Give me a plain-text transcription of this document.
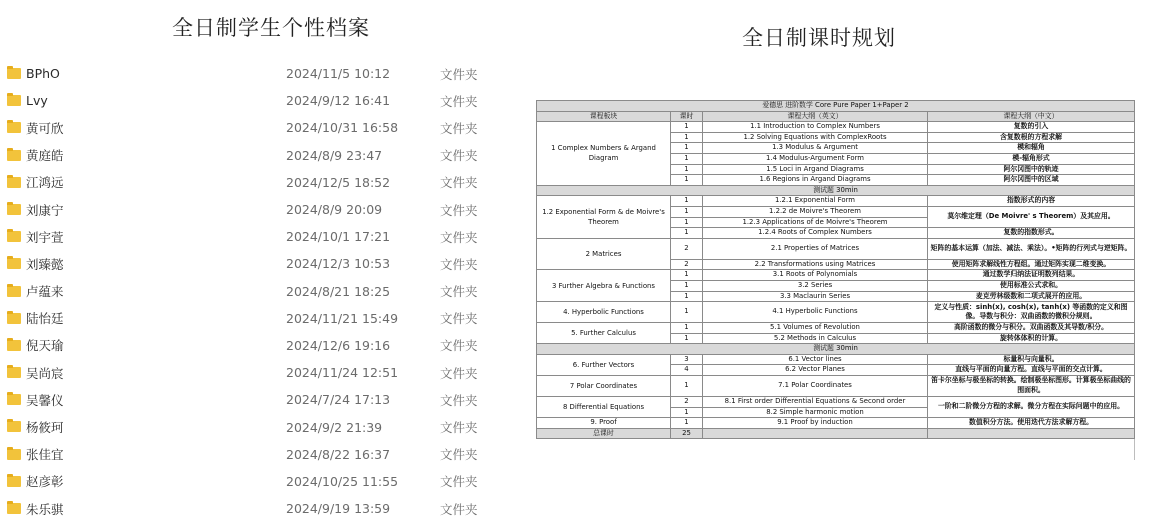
全日制学生个性档案	全日制课时规划
BPhO	2024/11/5 10:12	文件夹
Lvy	2024/9/12 16:41	文件夹
黄可欣	2024/10/31 16:58	文件夹
黄庭皓	2024/8/9 23:47	文件夹
江鸿远	2024/12/5 18:52	文件夹
刘康宁	2024/8/9 20:09	文件夹
刘宇萱	2024/10/1 17:21	文件夹
刘臻懿	2024/12/3 10:53	文件夹
卢蕴来	2024/8/21 18:25	文件夹
陆怡廷	2024/11/21 15:49	文件夹
倪天瑜	2024/12/6 19:16	文件夹
吴尚宸	2024/11/24 12:51	文件夹
吴馨仪	2024/7/24 17:13	文件夹
杨筱珂	2024/9/2 21:39	文件夹
张佳宜	2024/8/22 16:37	文件夹
赵彦彰	2024/10/25 11:55	文件夹
朱乐骐	2024/9/19 13:59	文件夹
爱德思 进阶数学 Core Pure Paper 1+Paper 2			
课程板块	课时	课程大纲（英文）	课程大纲（中文）
1 Complex Numbers & Argand Diagram	1	1.1 Introduction to Complex Numbers	复数的引入
	1	1.2 Solving Equations with ComplexRoots	含复数根的方程求解
	1	1.3 Modulus & Argument	模和辐角
	1	1.4 Modulus-Argument Form	模-辐角形式
	1	1.5 Loci in Argand Diagrams	阿尔冈图中的轨迹
	1	1.6 Regions in Argand Diagrams	阿尔冈图中的区域
测试题 30min			
1.2 Exponential Form & de Moivre's Theorem	1	1.2.1 Exponential Form	指数形式的内容
	1	1.2.2 de Moivre's Theorem	莫尔维定理（De Moivre' s Theorem）及其应用。
	1	1.2.3 Applications of de Moivre's Theorem	
	1	1.2.4 Roots of Complex Numbers	复数的指数形式。
2 Matrices	2	2.1 Properties of Matrices	矩阵的基本运算（加法、减法、乘法）。•矩阵的行列式与逆矩阵。
	2	2.2 Transformations using Matrices	使用矩阵求解线性方程组。通过矩阵实现二维变换。
3 Further Algebra & Functions	1	3.1 Roots of Polynomials	通过数学归纳法证明数列结果。
	1	3.2 Series	使用标准公式求和。
	1	3.3 Maclaurin Series	麦克劳林级数和二项式展开的应用。
4. Hyperbolic Functions	1	4.1 Hyperbolic Functions	定义与性质：sinh(x), cosh(x), tanh(x) 等函数的定义和图像。导数与积分：双曲函数的微积分规则。
5. Further Calculus	1	5.1 Volumes of Revolution	高阶函数的微分与积分。双曲函数及其导数/积分。
	1	5.2 Methods in Calculus	旋转体体积的计算。
测试题 30min			
6. Further Vectors	3	6.1 Vector lines	标量积与向量积。
	4	6.2 Vector Planes	直线与平面的向量方程。直线与平面的交点计算。
7 Polar Coordinates	1	7.1 Polar Coordinates	笛卡尔坐标与极坐标的转换。绘制极坐标图形。计算极坐标曲线的围面积。
8 Differential Equations	2	8.1 First order Differential Equations & Second order	一阶和二阶微分方程的求解。微分方程在实际问题中的应用。
	1	8.2 Simple harmonic motion	
9. Proof	1	9.1 Proof by induction	数值积分方法。使用迭代方法求解方程。
总课时	25		
